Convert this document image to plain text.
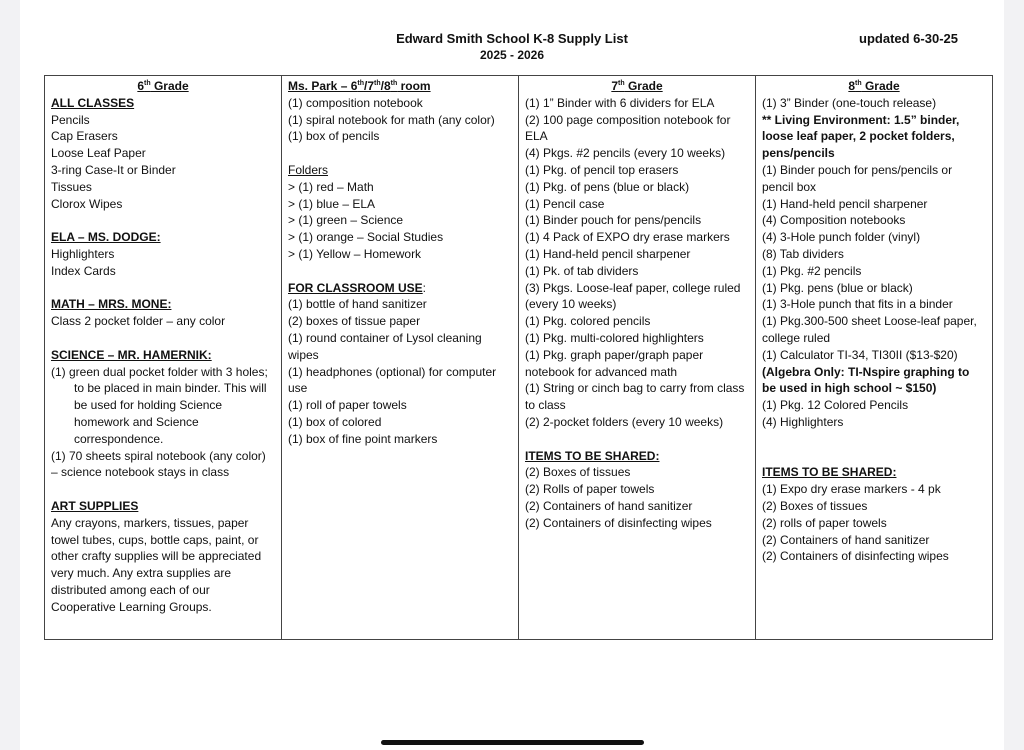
Edward Smith School K-8 Supply List
2025 - 2026
updated 6-30-25
6th Grade
ALL CLASSES
Pencils
Cap Erasers
Loose Leaf Paper
3-ring Case-It or Binder
Tissues
Clorox Wipes
ELA – MS. DODGE:
Highlighters
Index Cards
MATH – MRS. MONE:
Class 2 pocket folder – any color
SCIENCE – MR. HAMERNIK:
(1) green dual pocket folder with 3 holes; to be placed in main binder. This will be used for holding Science homework and Science correspondence.
(1) 70 sheets spiral notebook (any color) – science notebook stays in class
ART SUPPLIES
Any crayons, markers, tissues, paper towel tubes, cups, bottle caps, paint, or other crafty supplies will be appreciated very much. Any extra supplies are distributed among each of our Cooperative Learning Groups.

Ms. Park – 6th/7th/8th room
(1) composition notebook
(1) spiral notebook for math (any color)
(1) box of pencils
Folders
> (1) red – Math
> (1) blue – ELA
> (1) green – Science
> (1) orange – Social Studies
> (1) Yellow – Homework
FOR CLASSROOM USE:
(1) bottle of hand sanitizer
(2) boxes of tissue paper
(1) round container of Lysol cleaning wipes
(1) headphones (optional) for computer use
(1) roll of paper towels
(1) box of colored
(1) box of fine point markers

7th Grade
(1) 1” Binder with 6 dividers for ELA
(2) 100 page composition notebook for ELA
(4) Pkgs. #2 pencils (every 10 weeks)
(1) Pkg. of pencil top erasers
(1) Pkg. of pens (blue or black)
(1) Pencil case
(1) Binder pouch for pens/pencils
(1) 4 Pack of EXPO dry erase markers
(1) Hand-held pencil sharpener
(1) Pk. of tab dividers
(3) Pkgs. Loose-leaf paper, college ruled (every 10 weeks)
(1) Pkg. colored pencils
(1) Pkg. multi-colored highlighters
(1) Pkg. graph paper/graph paper notebook for advanced math
(1) String or cinch bag to carry from class to class
(2) 2-pocket folders (every 10 weeks)
ITEMS TO BE SHARED:
(2) Boxes of tissues
(2) Rolls of paper towels
(2) Containers of hand sanitizer
(2) Containers of disinfecting wipes

8th Grade
(1) 3” Binder (one-touch release)
** Living Environment: 1.5” binder, loose leaf paper, 2 pocket folders, pens/pencils
(1) Binder pouch for pens/pencils or pencil box
(1) Hand-held pencil sharpener
(4) Composition notebooks
(4) 3-Hole punch folder (vinyl)
(8) Tab dividers
(1) Pkg. #2 pencils
(1) Pkg. pens (blue or black)
(1) 3-Hole punch that fits in a binder
(1) Pkg.300-500 sheet Loose-leaf paper, college ruled
(1) Calculator TI-34, TI30II ($13-$20)
(Algebra Only: TI-Nspire graphing to be used in high school ~ $150)
(1) Pkg. 12 Colored Pencils
(4) Highlighters
ITEMS TO BE SHARED:
(1) Expo dry erase markers - 4 pk
(2) Boxes of tissues
(2) rolls of paper towels
(2) Containers of hand sanitizer
(2) Containers of disinfecting wipes
